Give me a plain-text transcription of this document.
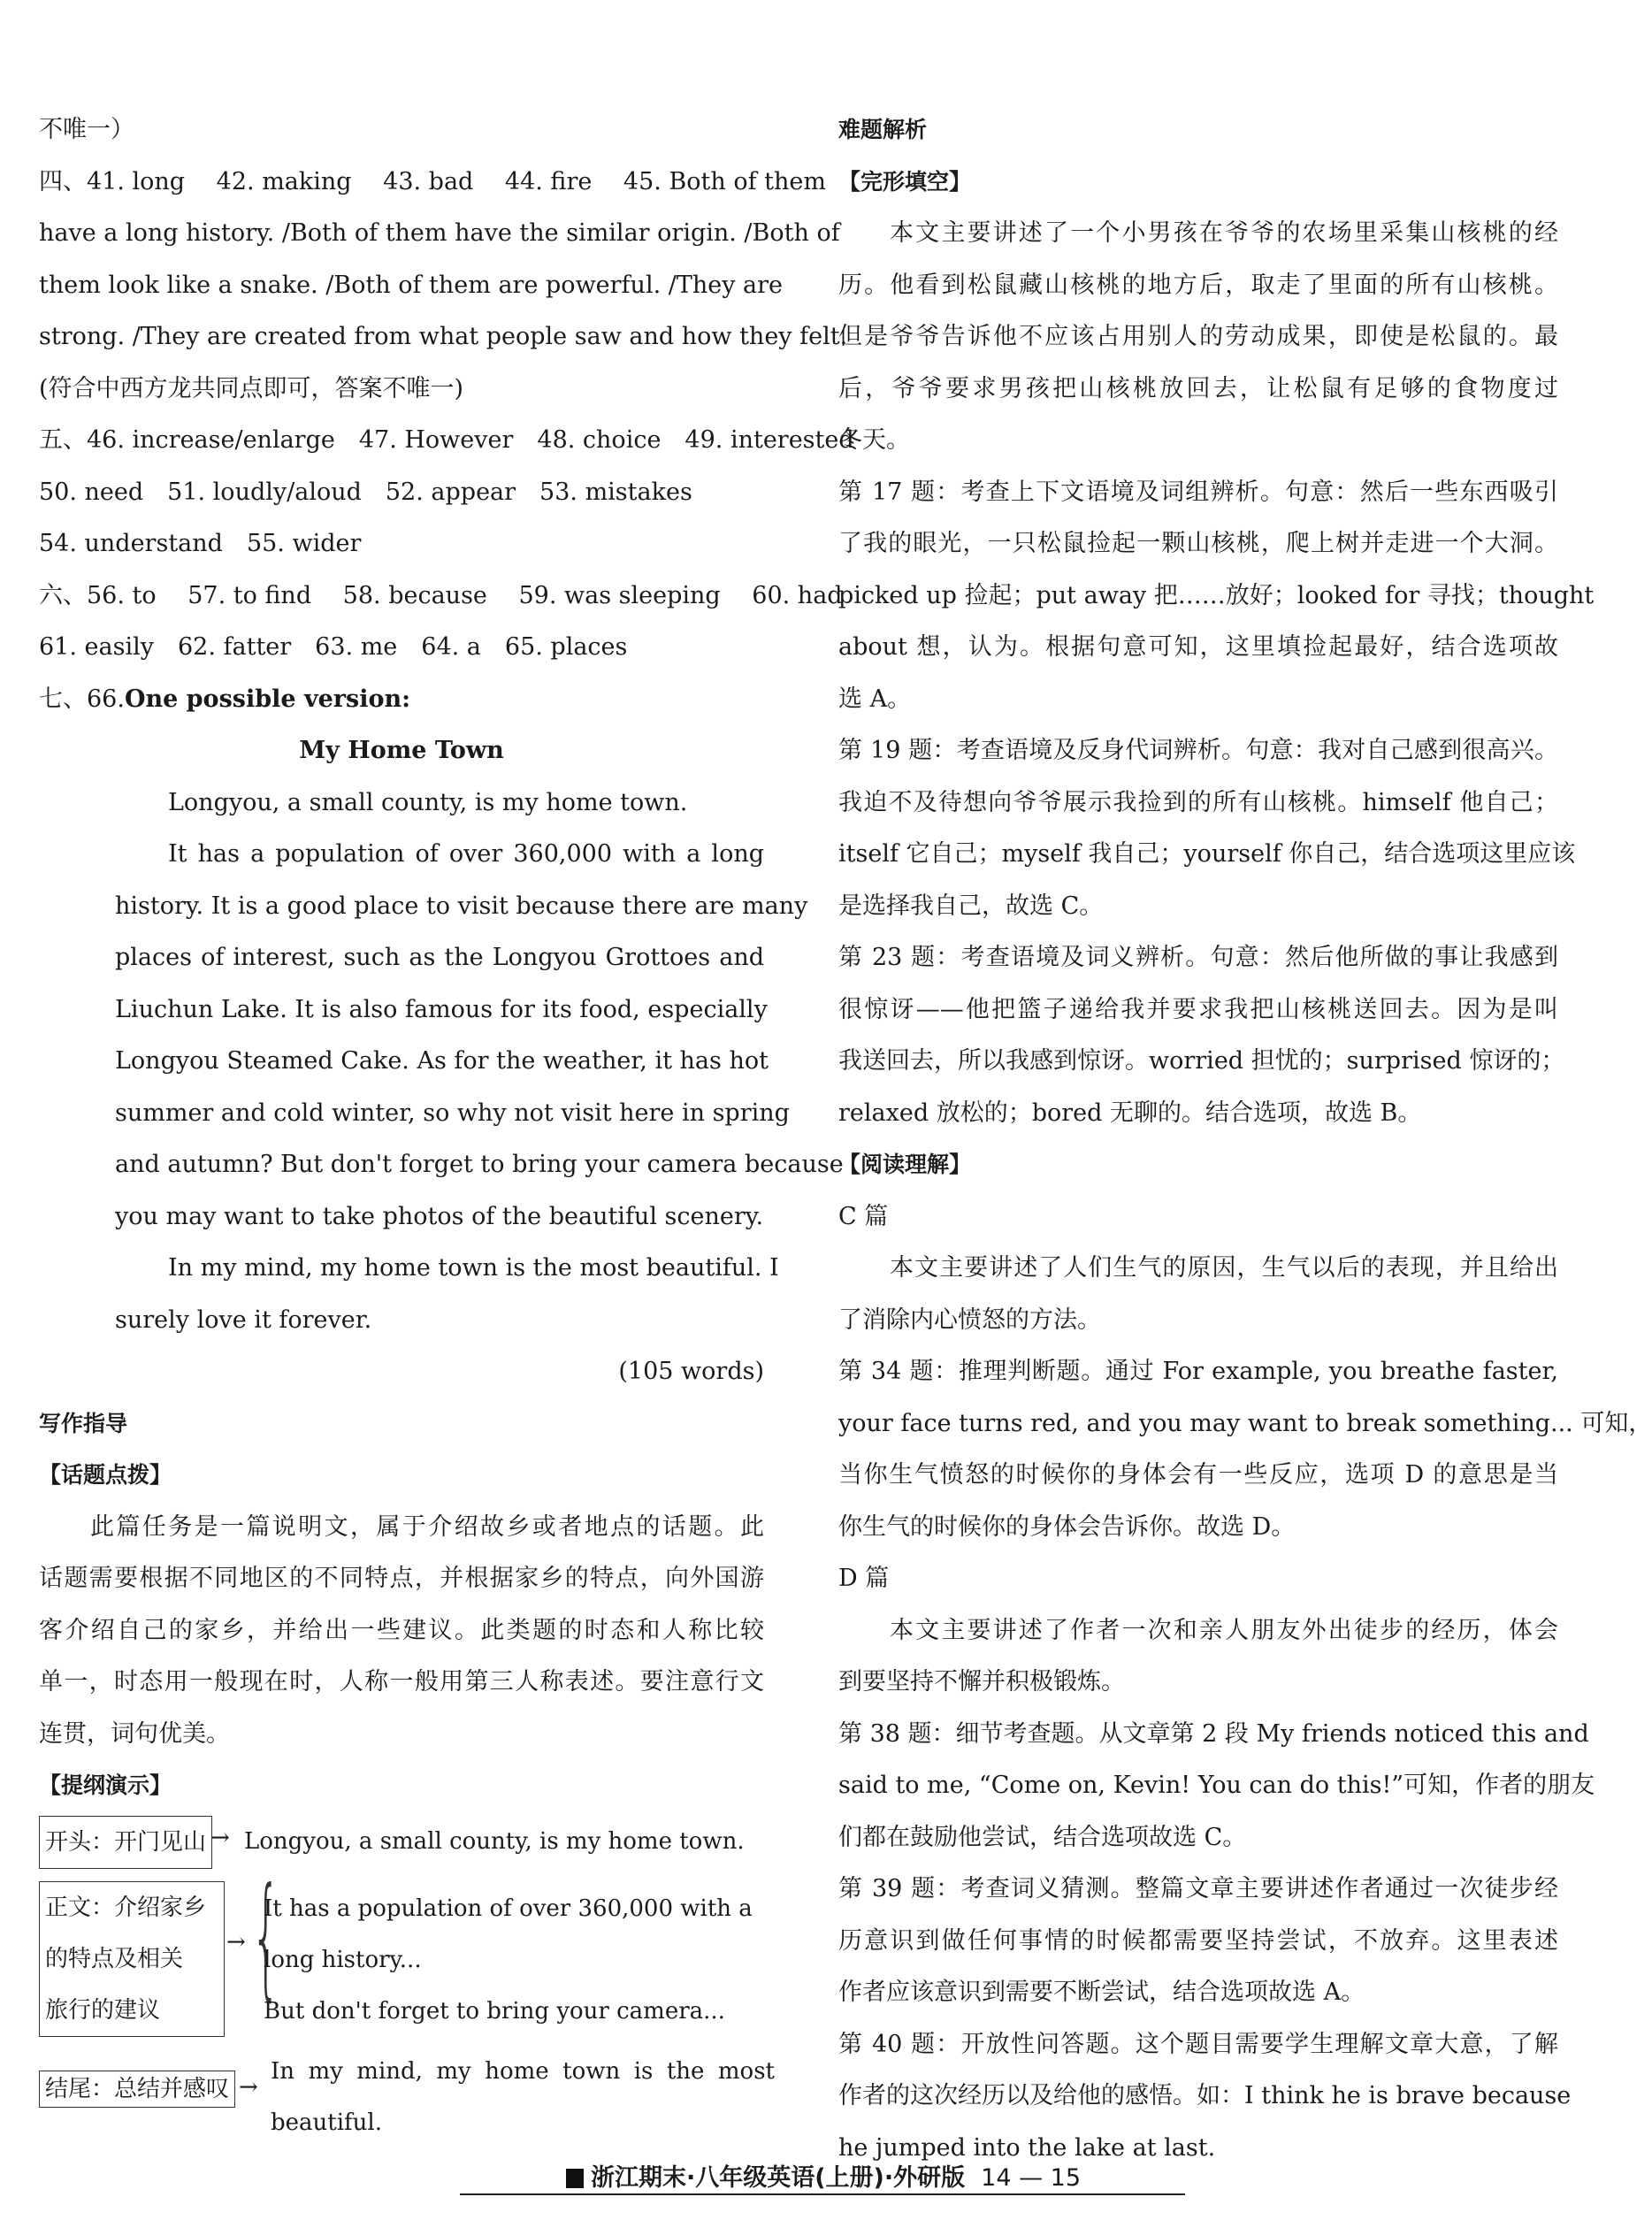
不唯一）
四、41. long　 42. making　 43. bad　 44. fire　 45. Both of them
have a long history. /Both of them have the similar origin. /Both of
them look like a snake. /Both of them are powerful. /They are
strong. /They are created from what people saw and how they felt.
(符合中西方龙共同点即可，答案不唯一)
五、46. increase/enlarge　47. However　48. choice　49. interested
50. need　51. loudly/aloud　52. appear　53. mistakes
54. understand　55. wider
六、56. to　 57. to find　 58. because　 59. was sleeping　 60. had
61. easily　62. fatter　63. me　64. a　65. places
七、66.One possible version:
My Home Town
Longyou, a small county, is my home town.
It has a population of over 360,000 with a long
history. It is a good place to visit because there are many
places of interest, such as the Longyou Grottoes and
Liuchun Lake. It is also famous for its food, especially
Longyou Steamed Cake. As for the weather, it has hot
summer and cold winter, so why not visit here in spring
and autumn? But don't forget to bring your camera because
you may want to take photos of the beautiful scenery.
In my mind, my home town is the most beautiful. I
surely love it forever.
(105 words)
写作指导
【话题点拨】
此篇任务是一篇说明文，属于介绍故乡或者地点的话题。此
话题需要根据不同地区的不同特点，并根据家乡的特点，向外国游
客介绍自己的家乡，并给出一些建议。此类题的时态和人称比较
单一，时态用一般现在时，人称一般用第三人称表述。要注意行文
连贯，词句优美。
【提纲演示】
开头：开门见山 → Longyou, a small county, is my home town.
正文：介绍家乡
的特点及相关
旅行的建议
→ {
It has a population of over 360,000 with a
long history...
But don't forget to bring your camera...
结尾：总结并感叹 →
In my mind, my home town is the most
beautiful.
难题解析
【完形填空】
本文主要讲述了一个小男孩在爷爷的农场里采集山核桃的经
历。他看到松鼠藏山核桃的地方后，取走了里面的所有山核桃。
但是爷爷告诉他不应该占用别人的劳动成果，即使是松鼠的。最
后，爷爷要求男孩把山核桃放回去，让松鼠有足够的食物度过
冬天。
第 17 题：考查上下文语境及词组辨析。句意：然后一些东西吸引
了我的眼光，一只松鼠捡起一颗山核桃，爬上树并走进一个大洞。
picked up 捡起；put away 把……放好；looked for 寻找；thought
about 想，认为。根据句意可知，这里填捡起最好，结合选项故
选 A。
第 19 题：考查语境及反身代词辨析。句意：我对自己感到很高兴。
我迫不及待想向爷爷展示我捡到的所有山核桃。himself 他自己；
itself 它自己；myself 我自己；yourself 你自己，结合选项这里应该
是选择我自己，故选 C。
第 23 题：考查语境及词义辨析。句意：然后他所做的事让我感到
很惊讶——他把篮子递给我并要求我把山核桃送回去。因为是叫
我送回去，所以我感到惊讶。worried 担忧的；surprised 惊讶的；
relaxed 放松的；bored 无聊的。结合选项，故选 B。
【阅读理解】
C 篇
本文主要讲述了人们生气的原因，生气以后的表现，并且给出
了消除内心愤怒的方法。
第 34 题：推理判断题。通过 For example, you breathe faster,
your face turns red, and you may want to break something... 可知，
当你生气愤怒的时候你的身体会有一些反应，选项 D 的意思是当
你生气的时候你的身体会告诉你。故选 D。
D 篇
本文主要讲述了作者一次和亲人朋友外出徒步的经历，体会
到要坚持不懈并积极锻炼。
第 38 题：细节考查题。从文章第 2 段 My friends noticed this and
said to me, “Come on, Kevin! You can do this!”可知，作者的朋友
们都在鼓励他尝试，结合选项故选 C。
第 39 题：考查词义猜测。整篇文章主要讲述作者通过一次徒步经
历意识到做任何事情的时候都需要坚持尝试，不放弃。这里表述
作者应该意识到需要不断尝试，结合选项故选 A。
第 40 题：开放性问答题。这个题目需要学生理解文章大意，了解
作者的这次经历以及给他的感悟。如：I think he is brave because
he jumped into the lake at last.
浙江期末·八年级英语(上册)·外研版 14 — 15
